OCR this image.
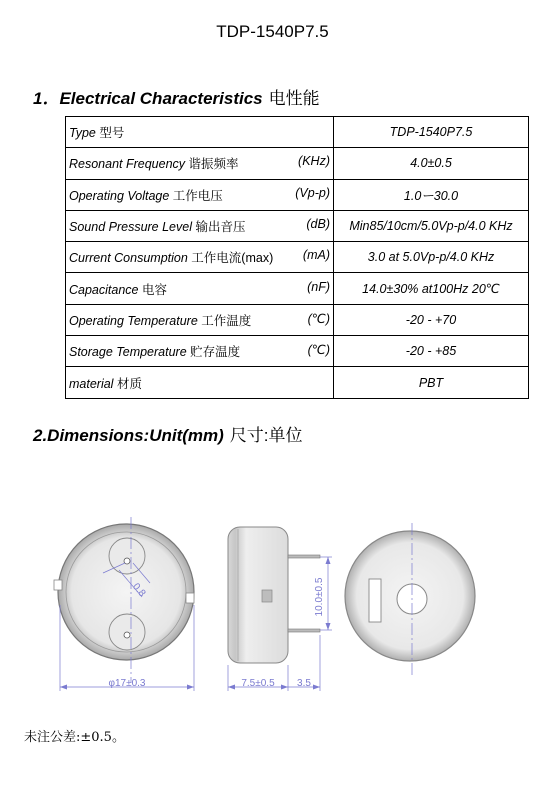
TDP-1540P7.5
1．Electrical Characteristics 电性能
Type 型号	TDP-1540P7.5

Resonant Frequency 谐振频率 (KHz)	4.0±0.5

Operating Voltage 工作电压 (Vp-p)	1.0ー30.0

Sound Pressure Level 输出音压 (dB)	Min85/10cm/5.0Vp-p/4.0 KHz

Current Consumption 工作电流(max) (mA)	3.0 at 5.0Vp-p/4.0 KHz

Capacitance 电容 (nF)	14.0±30% at100Hz 20℃

Operating Temperature 工作温度 (℃)	-20 - +70

Storage Temperature 贮存温度 (℃)	-20 - +85

material 材质	PBT
2.Dimensions:Unit(mm) 尺寸:单位
0.8
φ17±0.3
10.0±0.5
7.5±0.5 3.5
未注公差:±0.5。
